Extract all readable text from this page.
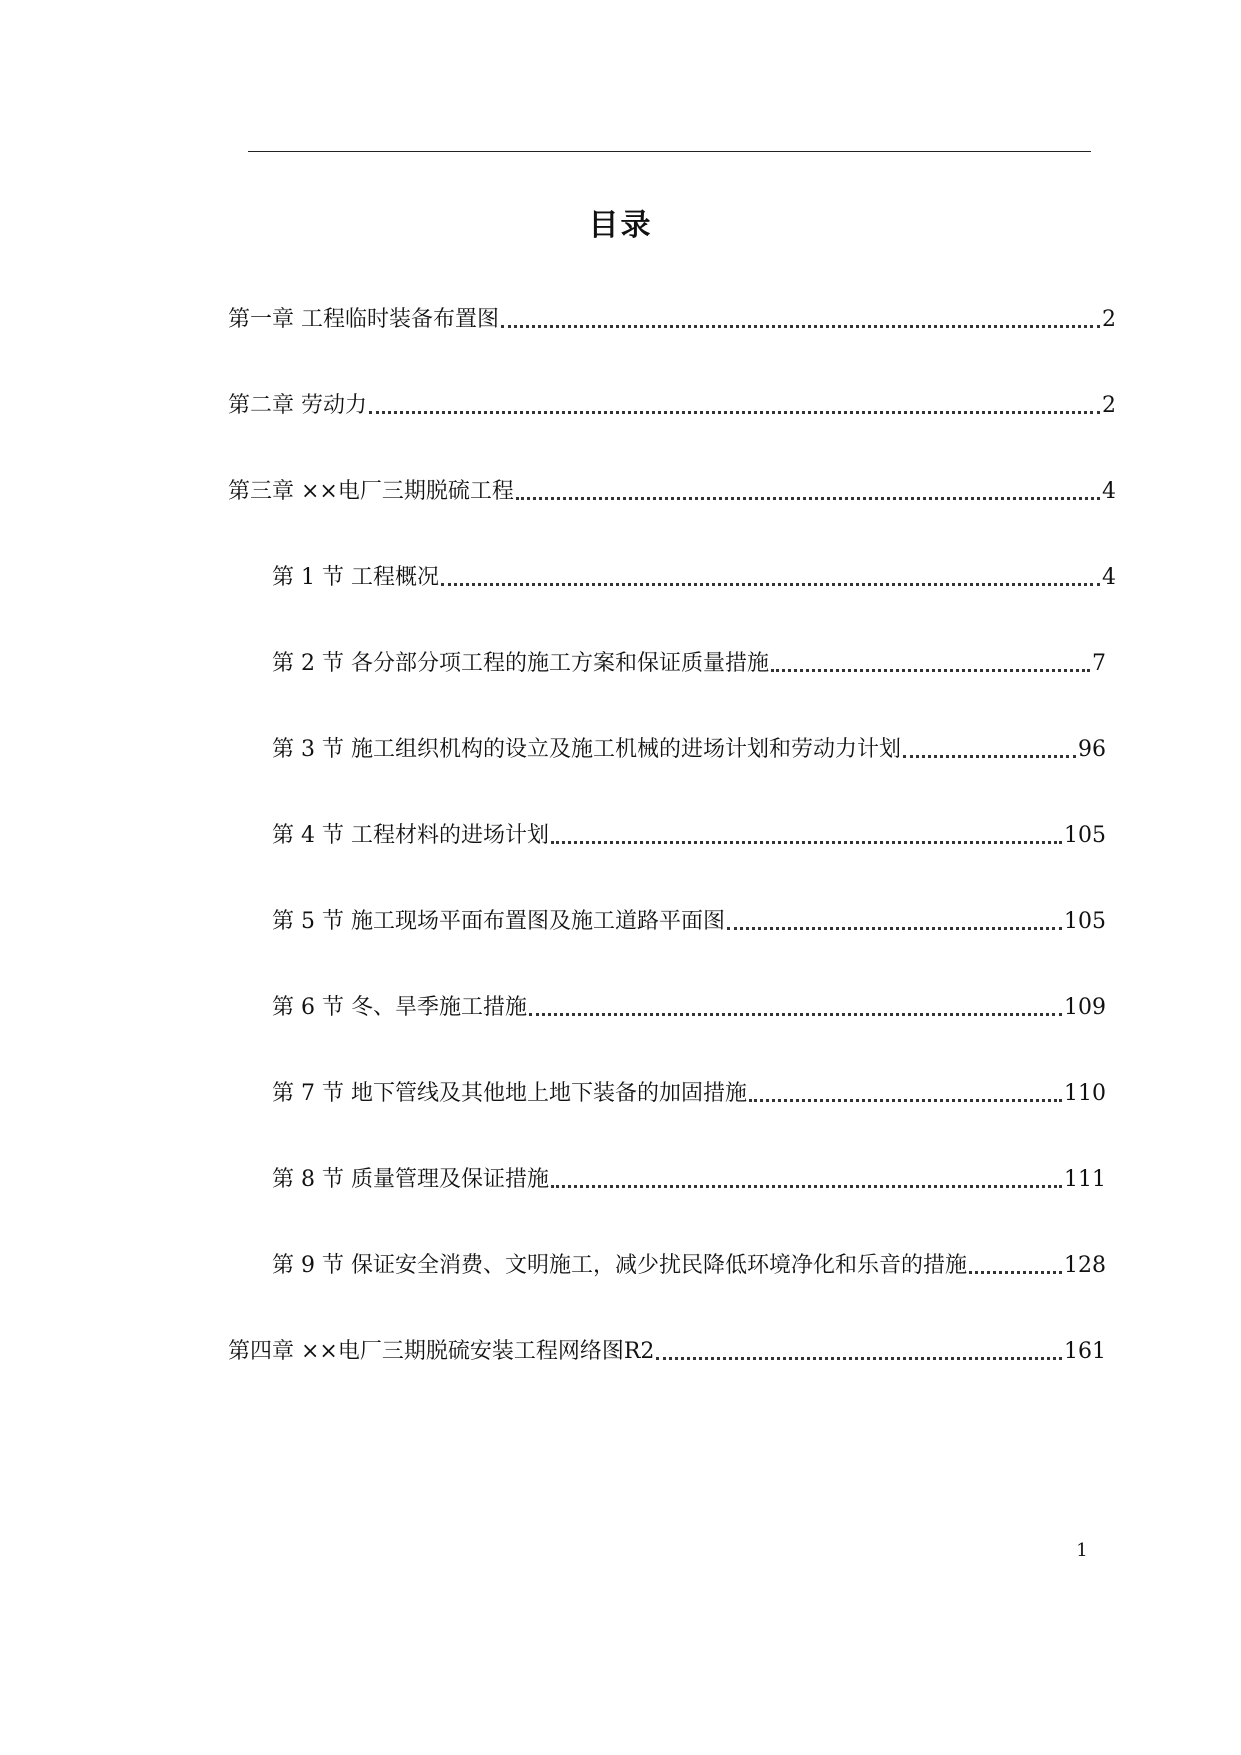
目录
第一章 工程临时装备布置图	2
第二章 劳动力	2
第三章 ××电厂三期脱硫工程	4
第 1 节 工程概况	4
第 2 节 各分部分项工程的施工方案和保证质量措施	7
第 3 节 施工组织机构的设立及施工机械的进场计划和劳动力计划	96
第 4 节 工程材料的进场计划	105
第 5 节 施工现场平面布置图及施工道路平面图	105
第 6 节 冬、旱季施工措施	109
第 7 节 地下管线及其他地上地下装备的加固措施	110
第 8 节 质量管理及保证措施	111
第 9 节 保证安全消费、文明施工，减少扰民降低环境净化和乐音的措施	128
第四章 ××电厂三期脱硫安装工程网络图R2	161
1
